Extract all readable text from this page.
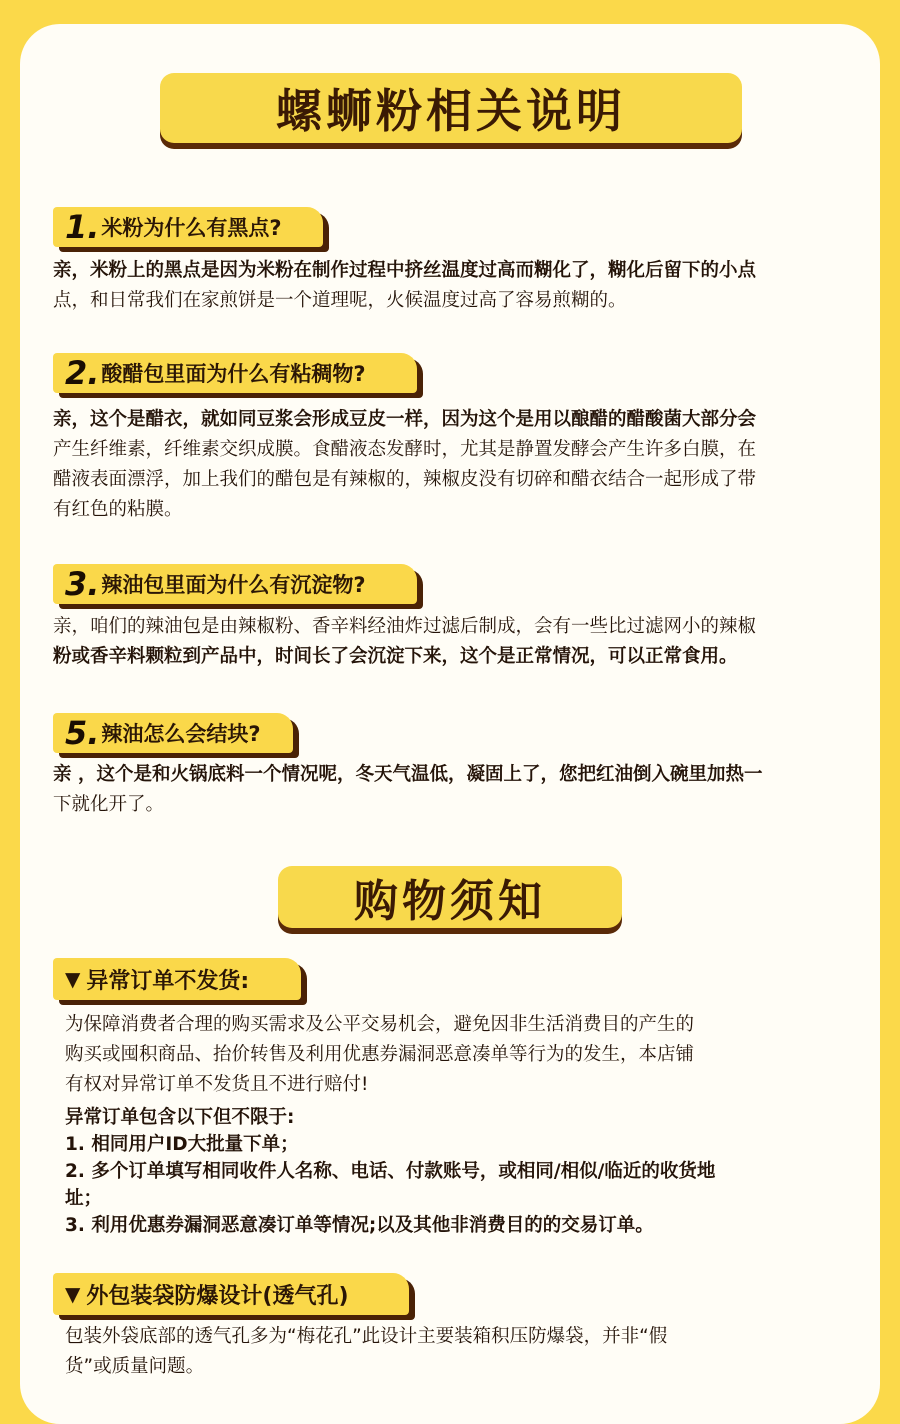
螺蛳粉相关说明
1. 米粉为什么有黑点?

亲，米粉上的黑点是因为米粉在制作过程中挤丝温度过高而糊化了，糊化后留下的小点
点，和日常我们在家煎饼是一个道理呢，火候温度过高了容易煎糊的。

2. 酸醋包里面为什么有粘稠物?

亲，这个是醋衣，就如同豆浆会形成豆皮一样，因为这个是用以酿醋的醋酸菌大部分会
产生纤维素，纤维素交织成膜。食醋液态发酵时，尤其是静置发酵会产生许多白膜，在
醋液表面漂浮，加上我们的醋包是有辣椒的，辣椒皮没有切碎和醋衣结合一起形成了带
有红色的粘膜。

3. 辣油包里面为什么有沉淀物?

亲，咱们的辣油包是由辣椒粉、香辛料经油炸过滤后制成，会有一些比过滤网小的辣椒
粉或香辛料颗粒到产品中，时间长了会沉淀下来，这个是正常情况，可以正常食用。

5. 辣油怎么会结块?

亲 ，这个是和火锅底料一个情况呢，冬天气温低，凝固上了，您把红油倒入碗里加热一
下就化开了。

购物须知
▼ 异常订单不发货:

为保障消费者合理的购买需求及公平交易机会，避免因非生活消费目的产生的
购买或囤积商品、抬价转售及利用优惠券漏洞恶意凑单等行为的发生，本店铺
有权对异常订单不发货且不进行赔付!

异常订单包含以下但不限于:
1. 相同用户ID大批量下单；
2. 多个订单填写相同收件人名称、电话、付款账号，或相同/相似/临近的收货地
址；
3. 利用优惠券漏洞恶意凑订单等情况;以及其他非消费目的的交易订单。

▼ 外包装袋防爆设计(透气孔)

包装外袋底部的透气孔多为“梅花孔”此设计主要装箱积压防爆袋，并非“假
货”或质量问题。
